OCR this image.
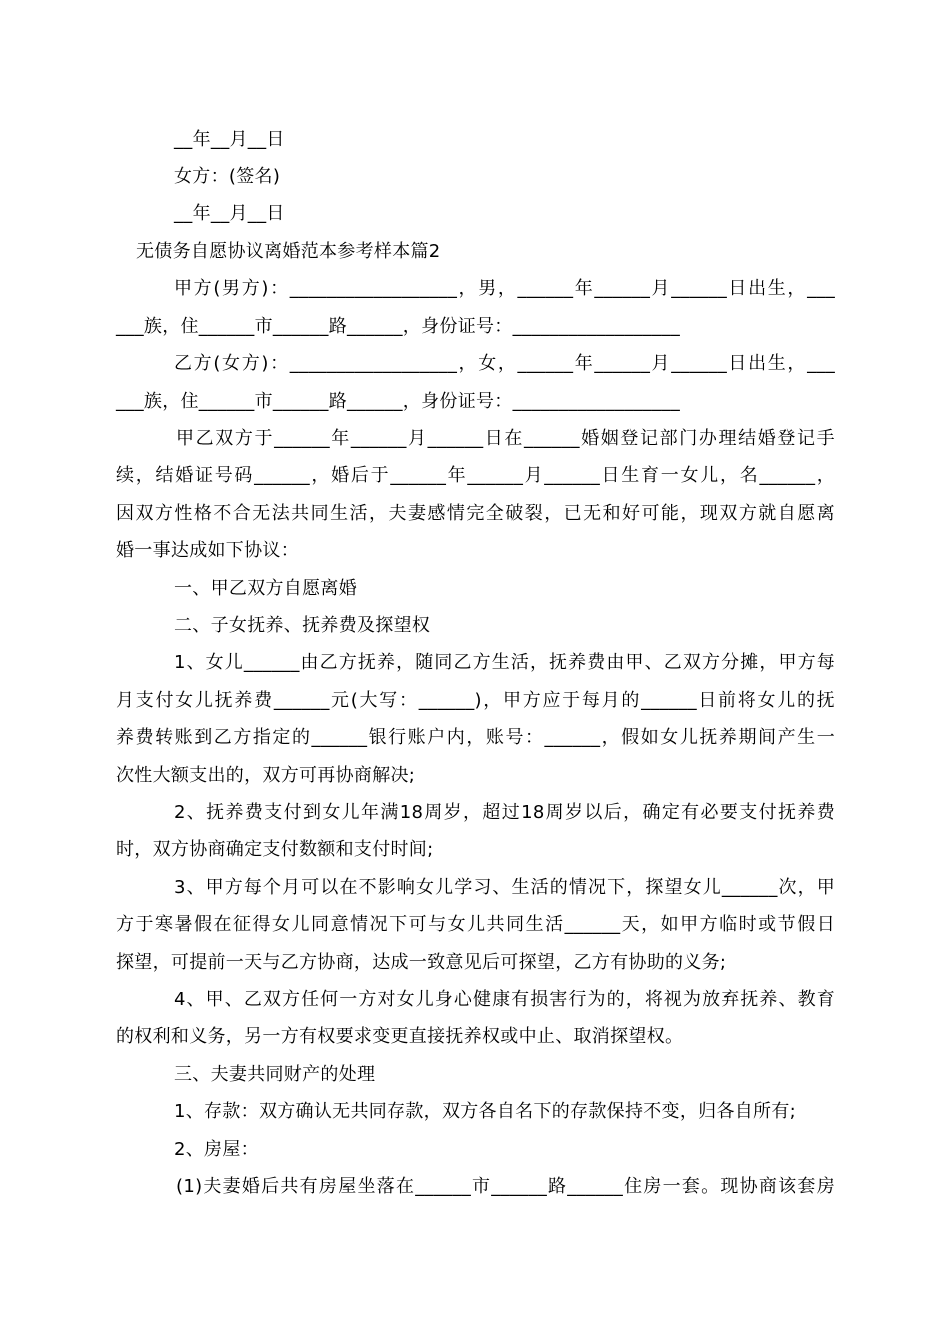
__年__月__日
女方：(签名)
__年__月__日
无债务自愿协议离婚范本参考样本篇2
甲方(男方)：__________________，男，______年______月______日出生，___
___族，住______市______路______，身份证号：__________________
乙方(女方)：__________________，女，______年______月______日出生，___
___族，住______市______路______，身份证号：__________________
甲乙双方于______年______月______日在______婚姻登记部门办理结婚登记手
续，结婚证号码______，婚后于______年______月______日生育一女儿，名______，
因双方性格不合无法共同生活，夫妻感情完全破裂，已无和好可能，现双方就自愿离
婚一事达成如下协议：
一、甲乙双方自愿离婚
二、子女抚养、抚养费及探望权
1、女儿______由乙方抚养，随同乙方生活，抚养费由甲、乙双方分摊，甲方每
月支付女儿抚养费______元(大写：______)，甲方应于每月的______日前将女儿的抚
养费转账到乙方指定的______银行账户内，账号：______，假如女儿抚养期间产生一
次性大额支出的，双方可再协商解决;
2、抚养费支付到女儿年满18周岁，超过18周岁以后，确定有必要支付抚养费
时，双方协商确定支付数额和支付时间;
3、甲方每个月可以在不影响女儿学习、生活的情况下，探望女儿______次，甲
方于寒暑假在征得女儿同意情况下可与女儿共同生活______天，如甲方临时或节假日
探望，可提前一天与乙方协商，达成一致意见后可探望，乙方有协助的义务;
4、甲、乙双方任何一方对女儿身心健康有损害行为的，将视为放弃抚养、教育
的权利和义务，另一方有权要求变更直接抚养权或中止、取消探望权。
三、夫妻共同财产的处理
1、存款：双方确认无共同存款，双方各自名下的存款保持不变，归各自所有;
2、房屋：
(1)夫妻婚后共有房屋坐落在______市______路______住房一套。现协商该套房
